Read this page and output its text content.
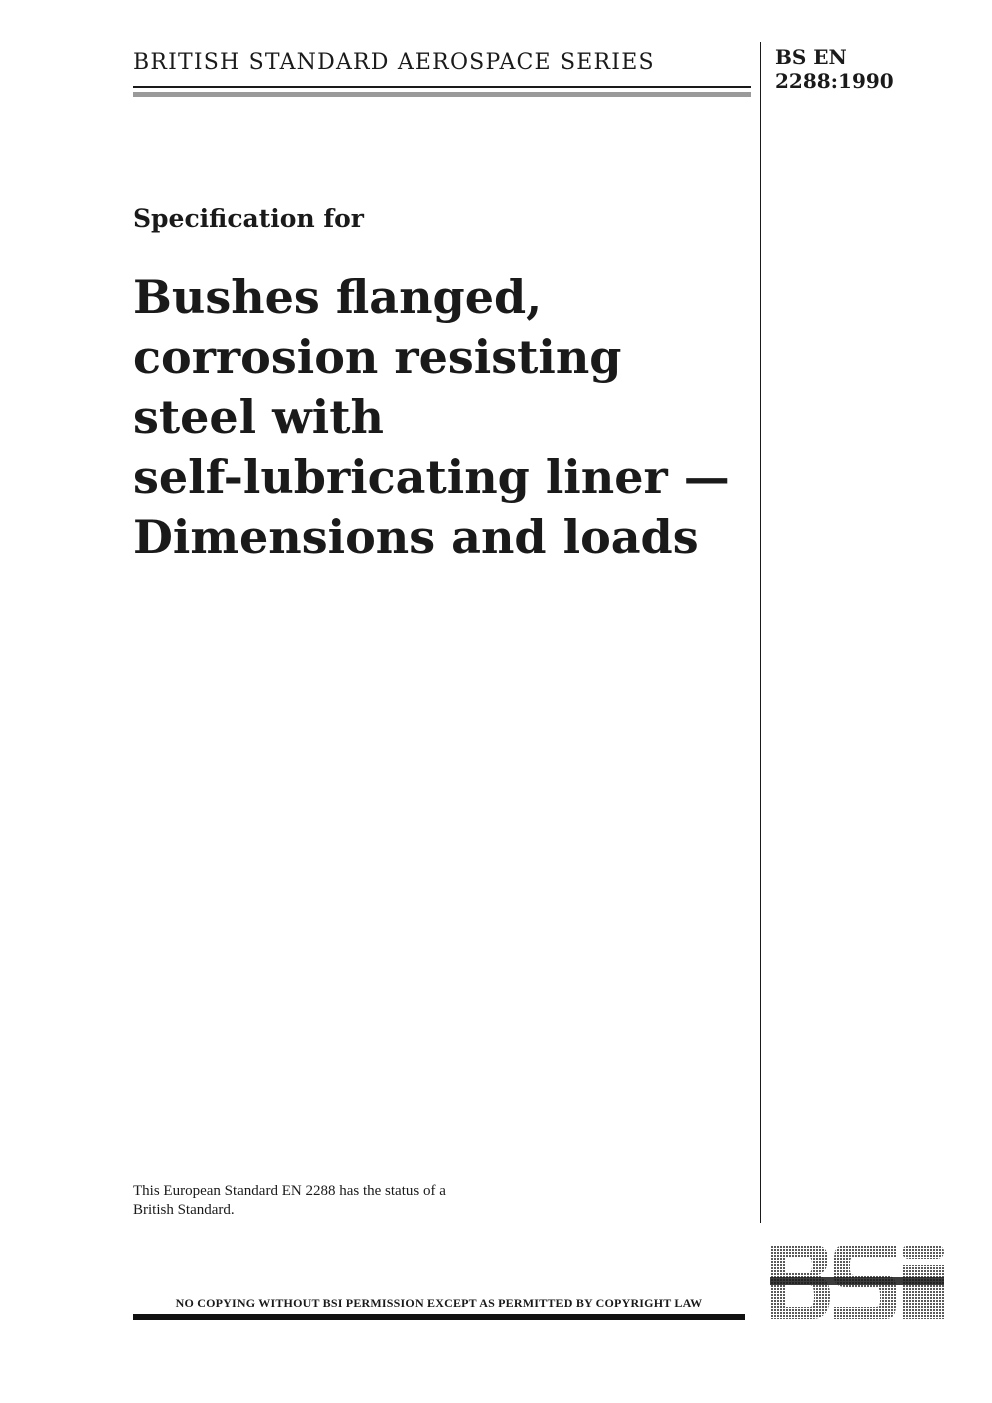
BRITISH STANDARD AEROSPACE SERIES	BS EN
2288:1990
Specification for
Bushes flanged,
corrosion resisting
steel with
self-lubricating liner —
Dimensions and loads
This European Standard EN 2288 has the status of a
British Standard.
NO COPYING WITHOUT BSI PERMISSION EXCEPT AS PERMITTED BY COPYRIGHT LAW
